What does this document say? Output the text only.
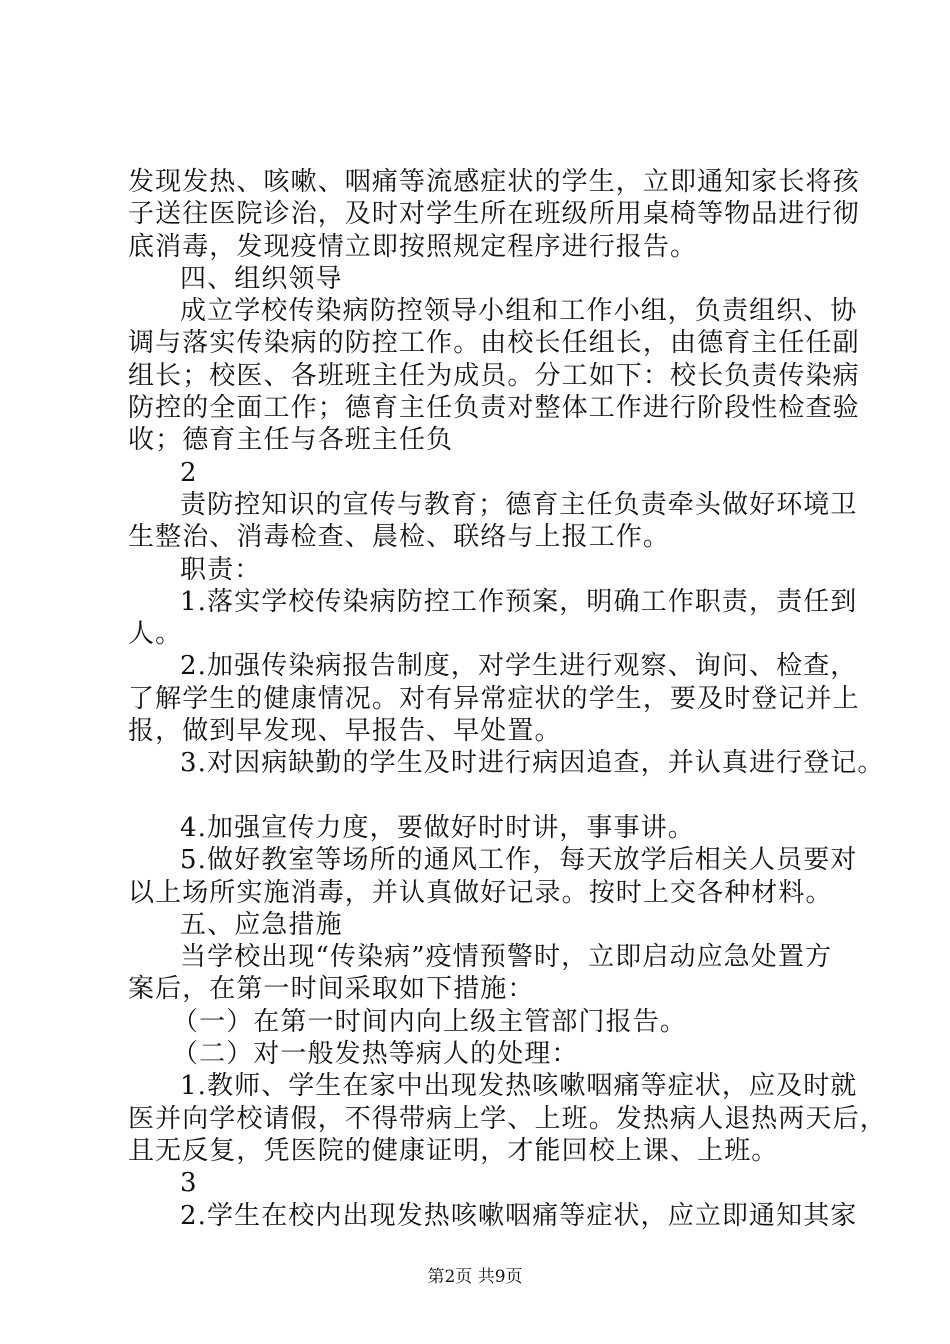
发现发热、咳嗽、咽痛等流感症状的学生，立即通知家长将孩
子送往医院诊治，及时对学生所在班级所用桌椅等物品进行彻
底消毒，发现疫情立即按照规定程序进行报告。
四、组织领导
成立学校传染病防控领导小组和工作小组，负责组织、协
调与落实传染病的防控工作。由校长任组长，由德育主任任副
组长；校医、各班班主任为成员。分工如下：校长负责传染病
防控的全面工作；德育主任负责对整体工作进行阶段性检查验
收；德育主任与各班主任负
2
责防控知识的宣传与教育；德育主任负责牵头做好环境卫
生整治、消毒检查、晨检、联络与上报工作。
职责：
1.落实学校传染病防控工作预案，明确工作职责，责任到
人。
2.加强传染病报告制度，对学生进行观察、询问、检查，
了解学生的健康情况。对有异常症状的学生，要及时登记并上
报，做到早发现、早报告、早处置。
3.对因病缺勤的学生及时进行病因追查，并认真进行登记。
4.加强宣传力度，要做好时时讲，事事讲。
5.做好教室等场所的通风工作，每天放学后相关人员要对
以上场所实施消毒，并认真做好记录。按时上交各种材料。
五、应急措施
当学校出现“传染病”疫情预警时，立即启动应急处置方
案后，在第一时间采取如下措施：
（一）在第一时间内向上级主管部门报告。
（二）对一般发热等病人的处理：
1.教师、学生在家中出现发热咳嗽咽痛等症状，应及时就
医并向学校请假，不得带病上学、上班。发热病人退热两天后，
且无反复，凭医院的健康证明，才能回校上课、上班。
3
2.学生在校内出现发热咳嗽咽痛等症状，应立即通知其家
第2页 共9页
